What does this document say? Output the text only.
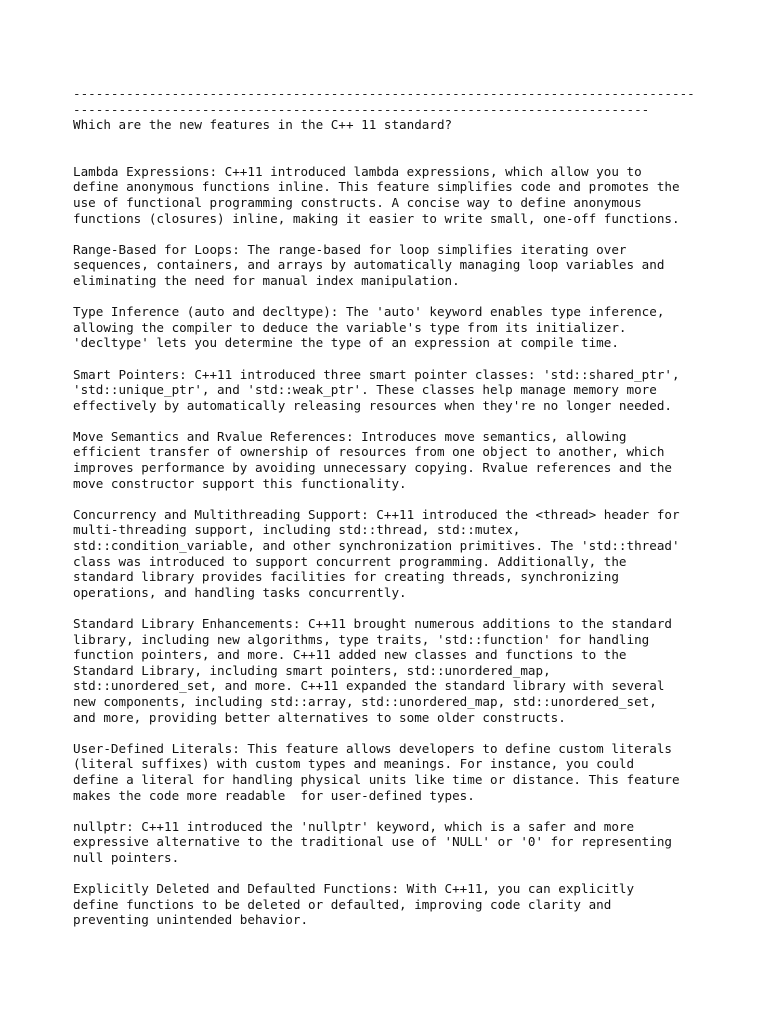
----------------------------------------------------------------------------------
----------------------------------------------------------------------------
Which are the new features in the C++ 11 standard?
Lambda Expressions: C++11 introduced lambda expressions, which allow you to
define anonymous functions inline. This feature simplifies code and promotes the
use of functional programming constructs. A concise way to define anonymous
functions (closures) inline, making it easier to write small, one-off functions.
Range-Based for Loops: The range-based for loop simplifies iterating over
sequences, containers, and arrays by automatically managing loop variables and
eliminating the need for manual index manipulation.
Type Inference (auto and decltype): The 'auto' keyword enables type inference,
allowing the compiler to deduce the variable's type from its initializer.
'decltype' lets you determine the type of an expression at compile time.
Smart Pointers: C++11 introduced three smart pointer classes: 'std::shared_ptr',
'std::unique_ptr', and 'std::weak_ptr'. These classes help manage memory more
effectively by automatically releasing resources when they're no longer needed.
Move Semantics and Rvalue References: Introduces move semantics, allowing
efficient transfer of ownership of resources from one object to another, which
improves performance by avoiding unnecessary copying. Rvalue references and the
move constructor support this functionality.
Concurrency and Multithreading Support: C++11 introduced the <thread> header for
multi-threading support, including std::thread, std::mutex,
std::condition_variable, and other synchronization primitives. The 'std::thread'
class was introduced to support concurrent programming. Additionally, the
standard library provides facilities for creating threads, synchronizing
operations, and handling tasks concurrently.
Standard Library Enhancements: C++11 brought numerous additions to the standard
library, including new algorithms, type traits, 'std::function' for handling
function pointers, and more. C++11 added new classes and functions to the
Standard Library, including smart pointers, std::unordered_map,
std::unordered_set, and more. C++11 expanded the standard library with several
new components, including std::array, std::unordered_map, std::unordered_set,
and more, providing better alternatives to some older constructs.
User-Defined Literals: This feature allows developers to define custom literals
(literal suffixes) with custom types and meanings. For instance, you could
define a literal for handling physical units like time or distance. This feature
makes the code more readable  for user-defined types.
nullptr: C++11 introduced the 'nullptr' keyword, which is a safer and more
expressive alternative to the traditional use of 'NULL' or '0' for representing
null pointers.
Explicitly Deleted and Defaulted Functions: With C++11, you can explicitly
define functions to be deleted or defaulted, improving code clarity and
preventing unintended behavior.
